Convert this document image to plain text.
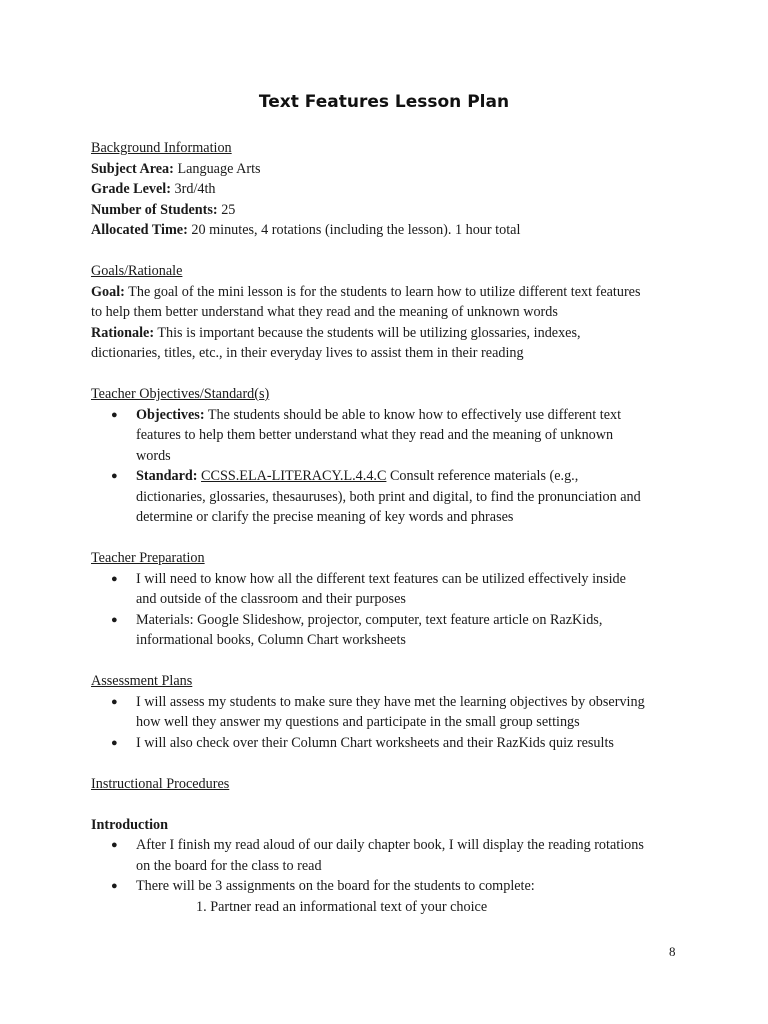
Text Features Lesson Plan
Background Information
Subject Area: Language Arts
Grade Level: 3rd/4th
Number of Students: 25
Allocated Time: 20 minutes, 4 rotations (including the lesson). 1 hour total
Goals/Rationale
Goal: The goal of the mini lesson is for the students to learn how to utilize different text features
to help them better understand what they read and the meaning of unknown words
Rationale: This is important because the students will be utilizing glossaries, indexes,
dictionaries, titles, etc., in their everyday lives to assist them in their reading
Teacher Objectives/Standard(s)
● Objectives: The students should be able to know how to effectively use different text
features to help them better understand what they read and the meaning of unknown
words
● Standard: CCSS.ELA-LITERACY.L.4.4.C Consult reference materials (e.g.,
dictionaries, glossaries, thesauruses), both print and digital, to find the pronunciation and
determine or clarify the precise meaning of key words and phrases
Teacher Preparation
● I will need to know how all the different text features can be utilized effectively inside
and outside of the classroom and their purposes
● Materials: Google Slideshow, projector, computer, text feature article on RazKids,
informational books, Column Chart worksheets
Assessment Plans
● I will assess my students to make sure they have met the learning objectives by observing
how well they answer my questions and participate in the small group settings
● I will also check over their Column Chart worksheets and their RazKids quiz results
Instructional Procedures
Introduction
● After I finish my read aloud of our daily chapter book, I will display the reading rotations
on the board for the class to read
● There will be 3 assignments on the board for the students to complete:
1. Partner read an informational text of your choice
8
